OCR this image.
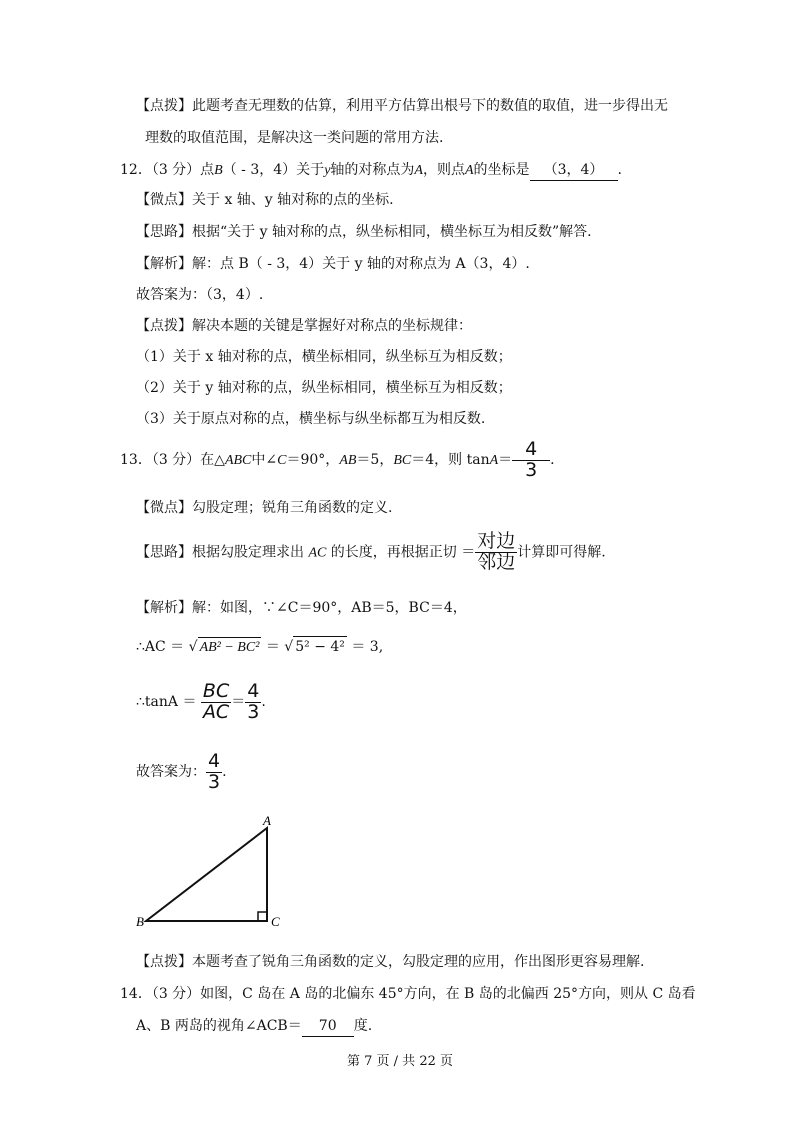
【点拨】此题考查无理数的估算，利用平方估算出根号下的数值的取值，进一步得出无
理数的取值范围，是解决这一类问题的常用方法.
12．（3 分）点B（ - 3，4）关于y轴的对称点为A，则点A的坐标是 （3，4） .
【微点】关于 x 轴、y 轴对称的点的坐标.
【思路】根据“关于 y 轴对称的点，纵坐标相同，横坐标互为相反数”解答.
【解析】解：点 B（ - 3，4）关于 y 轴的对称点为 A（3，4）.
故答案为：（3，4）.
【点拨】解决本题的关键是掌握好对称点的坐标规律：
（1）关于 x 轴对称的点，横坐标相同，纵坐标互为相反数；
（2）关于 y 轴对称的点，纵坐标相同，横坐标互为相反数；
（3）关于原点对称的点，横坐标与纵坐标都互为相反数.
13．（3 分）在△ABC中∠C＝90°，AB＝5，BC＝4，则 $\tan A= \frac{4}{3}$ .
【微点】勾股定理；锐角三角函数的定义.
【思路】根据勾股定理求出 AC 的长度，再根据正切 ＝ $\frac{\text{对边}}{\text{邻边}}$ 计算即可得解.
【解析】解：如图，∵∠C＝90°，AB＝5，BC＝4，
∴AC ＝ √ AB² − BC² ＝ √ 5² − 4² ＝ 3,
∴tanA ＝ $\frac{BC}{AC} = \frac{4}{3}$ .
故答案为： $\frac{4}{3}$ .
A
B	C
【点拨】本题考查了锐角三角函数的定义，勾股定理的应用，作出图形更容易理解.
14．（3 分）如图，C 岛在 A 岛的北偏东 45°方向，在 B 岛的北偏西 25°方向，则从 C 岛看
A、B 两岛的视角∠ACB＝ 70 度.
第 7 页 / 共 22 页
